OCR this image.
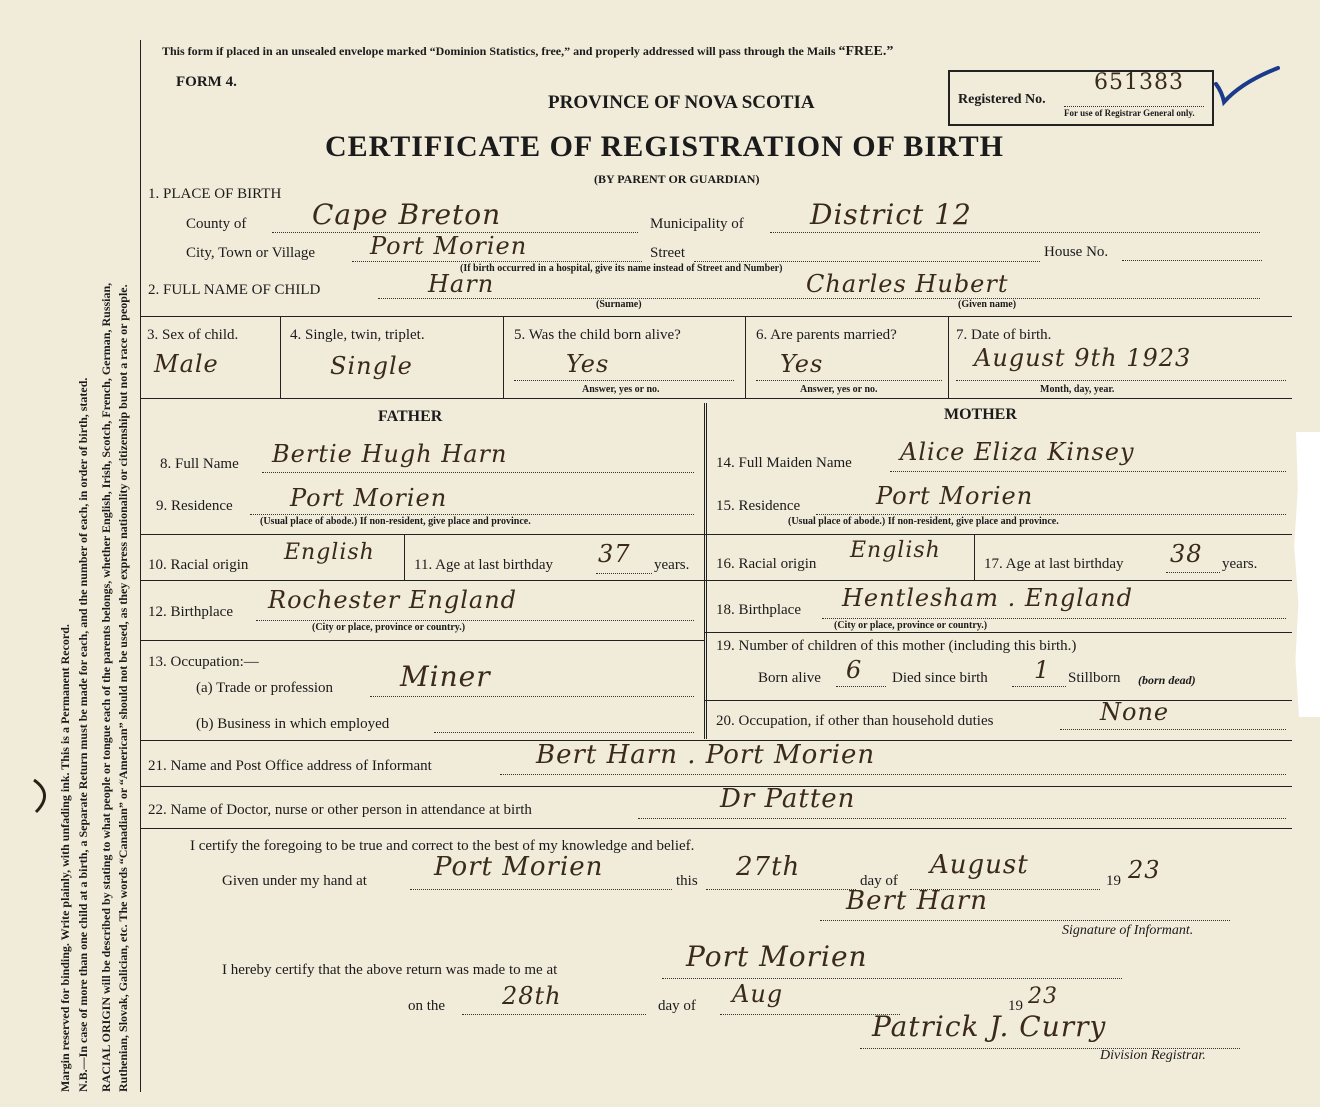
Margin reserved for binding. Write plainly, with unfading ink. This is a Permanent Record. N.B.—In case of more than one child at a birth, a Separate Return must be made for each, and the number of each, in order of birth, stated. RACIAL ORIGIN will be described by stating to what people or tongue each of the parents belongs, whether English, Irish, Scotch, French, German, Russian, Ruthenian, Slovak, Galician, etc. The words “Canadian” or “American” should not be used, as they express nationality or citizenship but not a race or people.
This form if placed in an unsealed envelope marked “Dominion Statistics, free,” and properly addressed will pass through the Mails “FREE.”
FORM 4.
PROVINCE OF NOVA SCOTIA
CERTIFICATE OF REGISTRATION OF BIRTH
(BY PARENT OR GUARDIAN)
Registered No.
651383
For use of Registrar General only.
1. PLACE OF BIRTH
County of Cape Breton	Municipality of District 12
City, Town or Village Port Morien	Street	House No.
(If birth occurred in a hospital, give its name instead of Street and Number)
2. FULL NAME OF CHILD	Harn
(Surname)
Charles Hubert
(Given name)
3. Sex of child.
Male
4. Single, twin, triplet.
Single
5. Was the child born alive?
Yes
Answer, yes or no.
6. Are parents married?
Yes
Answer, yes or no.
7. Date of birth.
August 9th 1923
Month, day, year.
FATHER	MOTHER
8. Full Name Bertie Hugh Harn
9. Residence Port Morien
(Usual place of abode.) If non-resident, give place and province.
10. Racial origin English	11. Age at last birthday 37 years.
12. Birthplace Rochester England
(City or place, province or country.)
13. Occupation:—
(a) Trade or profession Miner
(b) Business in which employed
14. Full Maiden Name Alice Eliza Kinsey
15. Residence	Port Morien
(Usual place of abode.) If non-resident, give place and province.
16. Racial origin
English
17. Age at last birthday 38 years.
18. Birthplace Hentlesham . England
(City or place, province or country.)
19. Number of children of this mother (including this birth.)
Born alive 6 Died since birth 1 Stillborn (born dead)
20. Occupation, if other than household duties	None
21. Name and Post Office address of Informant	Bert Harn . Port Morien
22. Name of Doctor, nurse or other person in attendance at birth	Dr Patten
I certify the foregoing to be true and correct to the best of my knowledge and belief.
Given under my hand at	Port Morien	this 27th	day of
August
19 23
Bert Harn
Signature of Informant.
I hereby certify that the above return was made to me at	Port Morien
on the 28th	day of Aug	19 23
Patrick J. Curry
Division Registrar.
